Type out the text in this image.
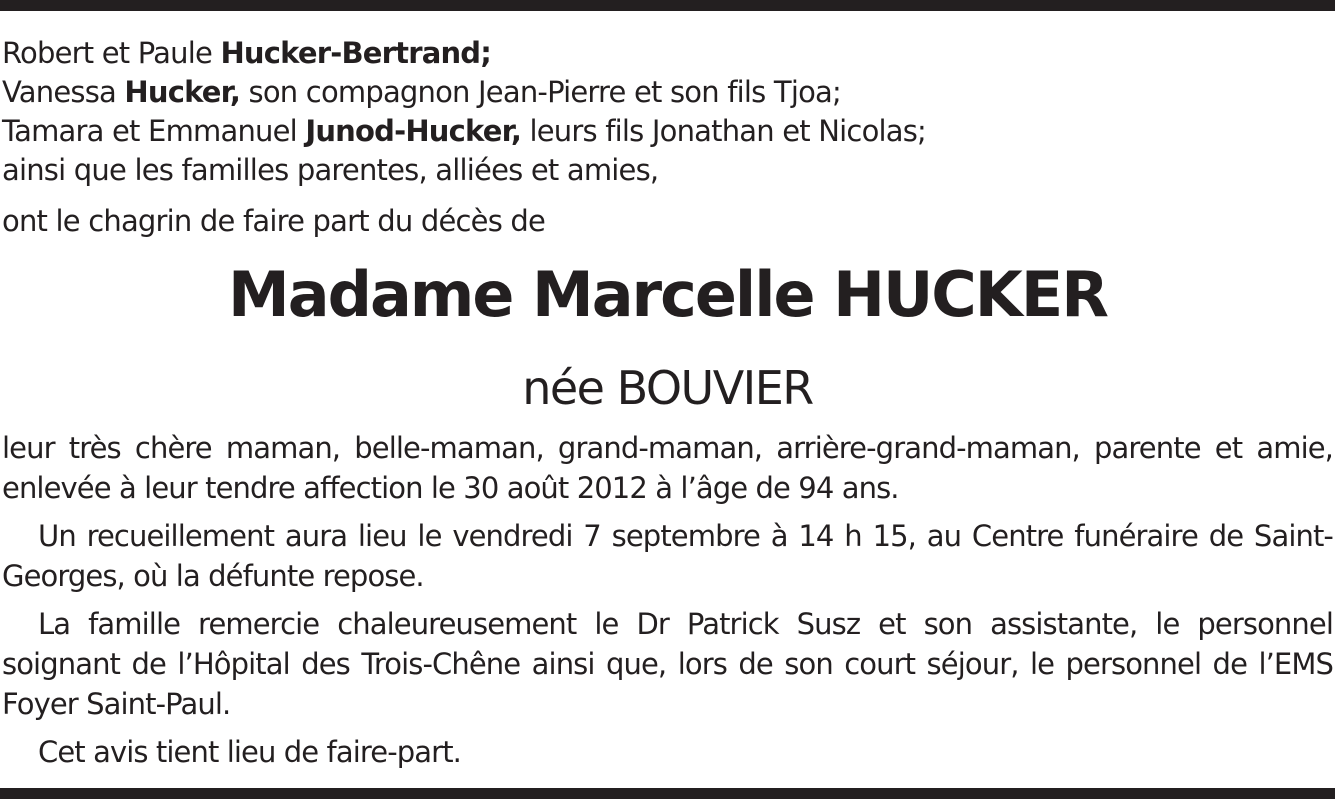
Robert et Paule Hucker-Bertrand;
Vanessa Hucker, son compagnon Jean-Pierre et son fils Tjoa;
Tamara et Emmanuel Junod-Hucker, leurs fils Jonathan et Nicolas;
ainsi que les familles parentes, alliées et amies,
ont le chagrin de faire part du décès de
Madame Marcelle HUCKER
née BOUVIER

leur très chère maman, belle-maman, grand-maman, arrière-grand-maman, parente et amie, enlevée à leur tendre affection le 30 août 2012 à l’âge de 94 ans.

Un recueillement aura lieu le vendredi 7 septembre à 14 h 15, au Centre funéraire de Saint-Georges, où la défunte repose.

La famille remercie chaleureusement le Dr Patrick Susz et son assistante, le personnel soignant de l’Hôpital des Trois-Chêne ainsi que, lors de son court séjour, le personnel de l’EMS Foyer Saint-Paul.

Cet avis tient lieu de faire-part.
